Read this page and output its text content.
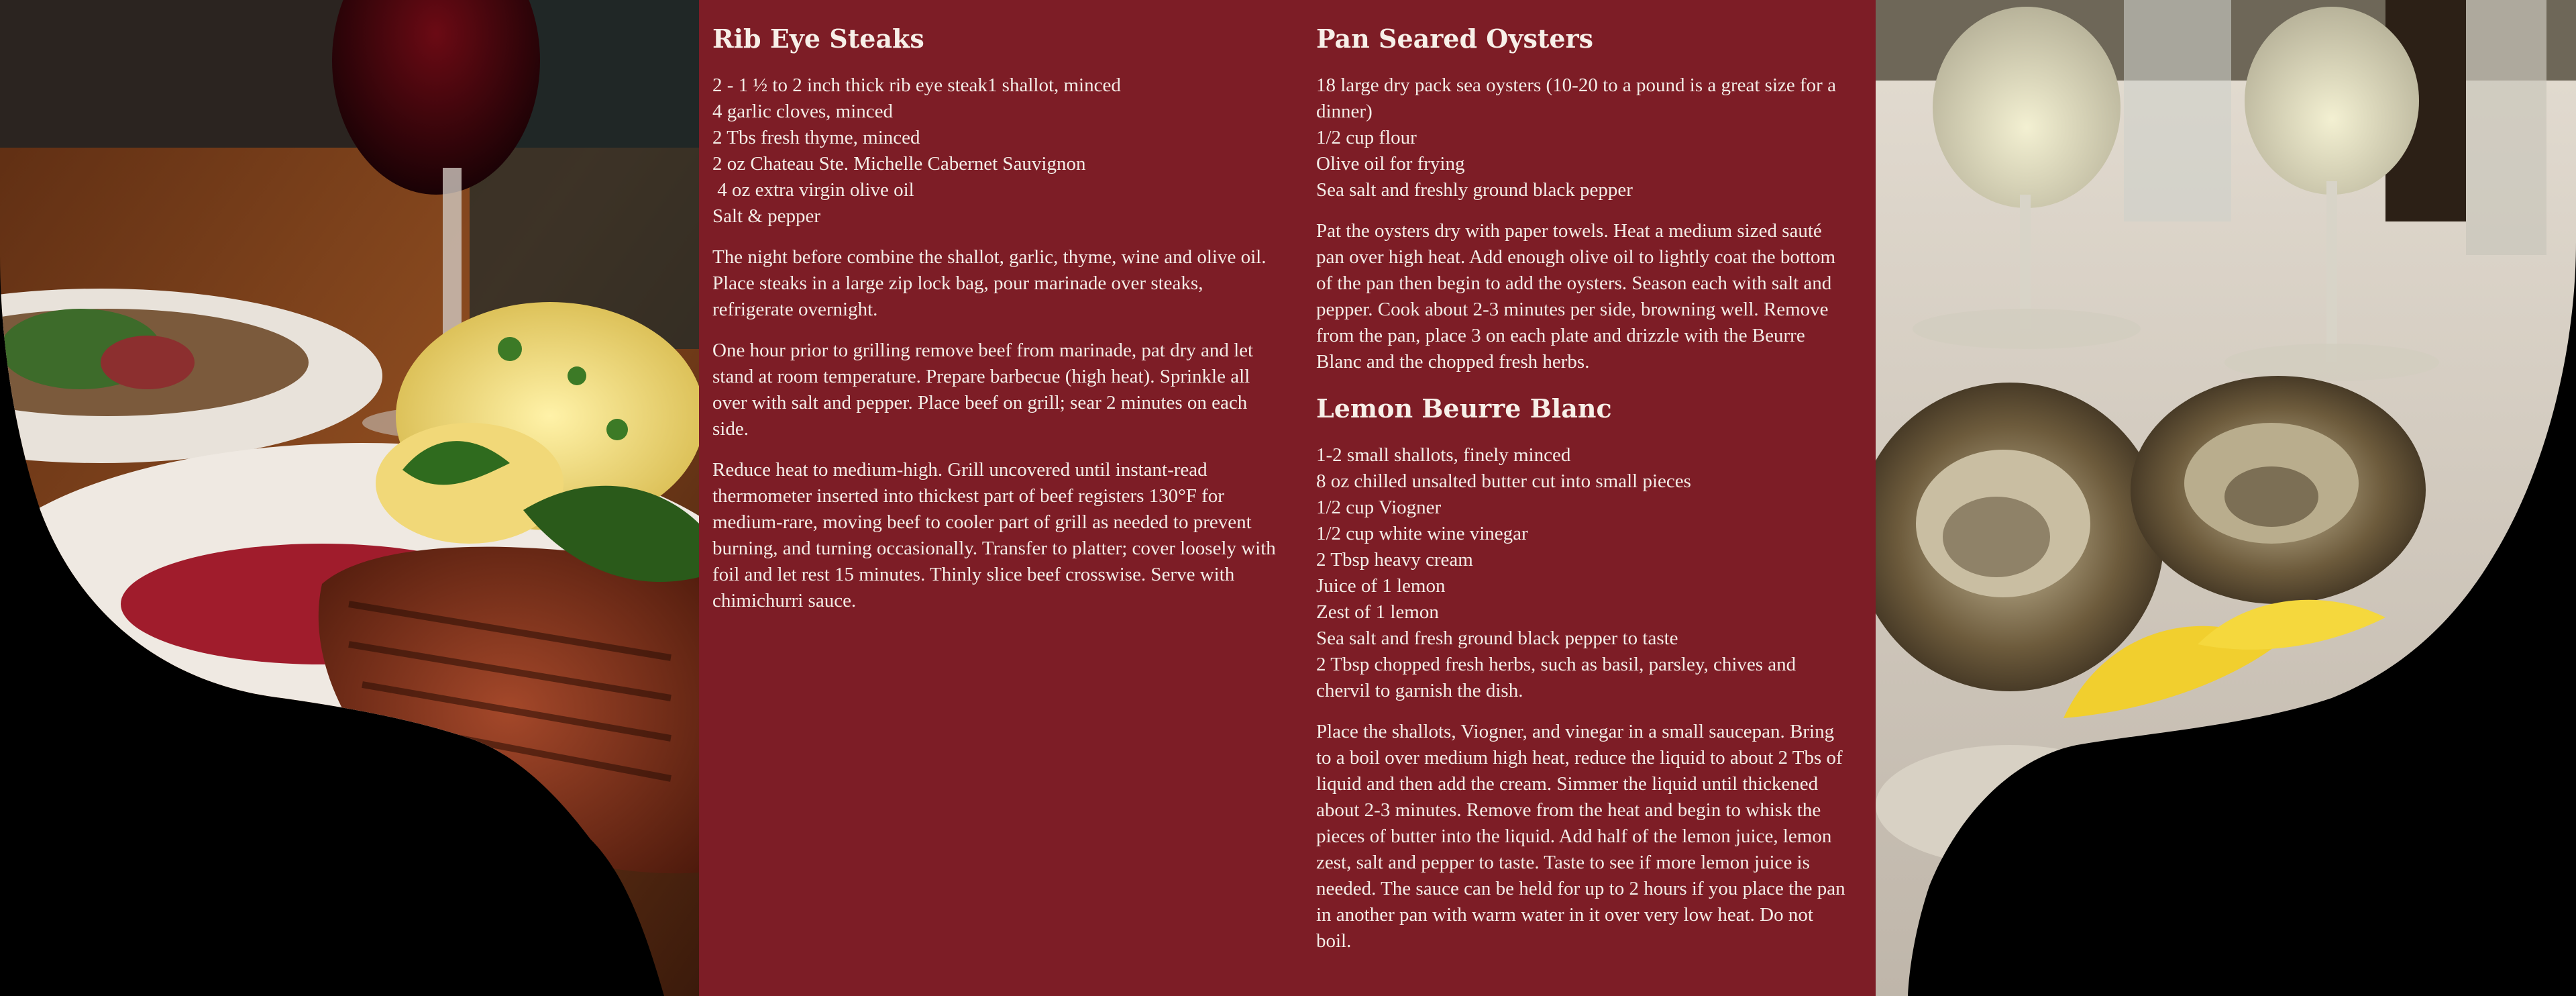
Rib Eye Steaks
2 - 1 ½ to 2 inch thick rib eye steak1 shallot, minced
4 garlic cloves, minced
2 Tbs fresh thyme, minced
2 oz Chateau Ste. Michelle Cabernet Sauvignon
4 oz extra virgin olive oil
Salt & pepper

The night before combine the shallot, garlic, thyme, wine and olive oil. Place steaks in a large zip lock bag, pour marinade over steaks, refrigerate overnight.

One hour prior to grilling remove beef from marinade, pat dry and let stand at room temperature. Prepare barbecue (high heat). Sprinkle all over with salt and pepper. Place beef on grill; sear 2 minutes on each side.

Reduce heat to medium-high. Grill uncovered until instant-read thermometer inserted into thickest part of beef registers 130°F for medium-rare, moving beef to cooler part of grill as needed to prevent burning, and turning occasionally. Transfer to platter; cover loosely with foil and let rest 15 minutes. Thinly slice beef crosswise. Serve with chimichurri sauce.

Pan Seared Oysters
18 large dry pack sea oysters (10-20 to a pound is a great size for a dinner)
1/2 cup flour
Olive oil for frying
Sea salt and freshly ground black pepper

Pat the oysters dry with paper towels. Heat a medium sized sauté pan over high heat. Add enough olive oil to lightly coat the bottom of the pan then begin to add the oysters. Season each with salt and pepper. Cook about 2-3 minutes per side, browning well. Remove from the pan, place 3 on each plate and drizzle with the Beurre Blanc and the chopped fresh herbs.

Lemon Beurre Blanc
1-2 small shallots, finely minced
8 oz chilled unsalted butter cut into small pieces
1/2 cup Viogner
1/2 cup white wine vinegar
2 Tbsp heavy cream
Juice of 1 lemon
Zest of 1 lemon
Sea salt and fresh ground black pepper to taste
2 Tbsp chopped fresh herbs, such as basil, parsley, chives and chervil to garnish the dish.

Place the shallots, Viogner, and vinegar in a small saucepan. Bring to a boil over medium high heat, reduce the liquid to about 2 Tbs of liquid and then add the cream. Simmer the liquid until thickened about 2-3 minutes. Remove from the heat and begin to whisk the pieces of butter into the liquid. Add half of the lemon juice, lemon zest, salt and pepper to taste. Taste to see if more lemon juice is needed. The sauce can be held for up to 2 hours if you place the pan in another pan with warm water in it over very low heat. Do not boil.
